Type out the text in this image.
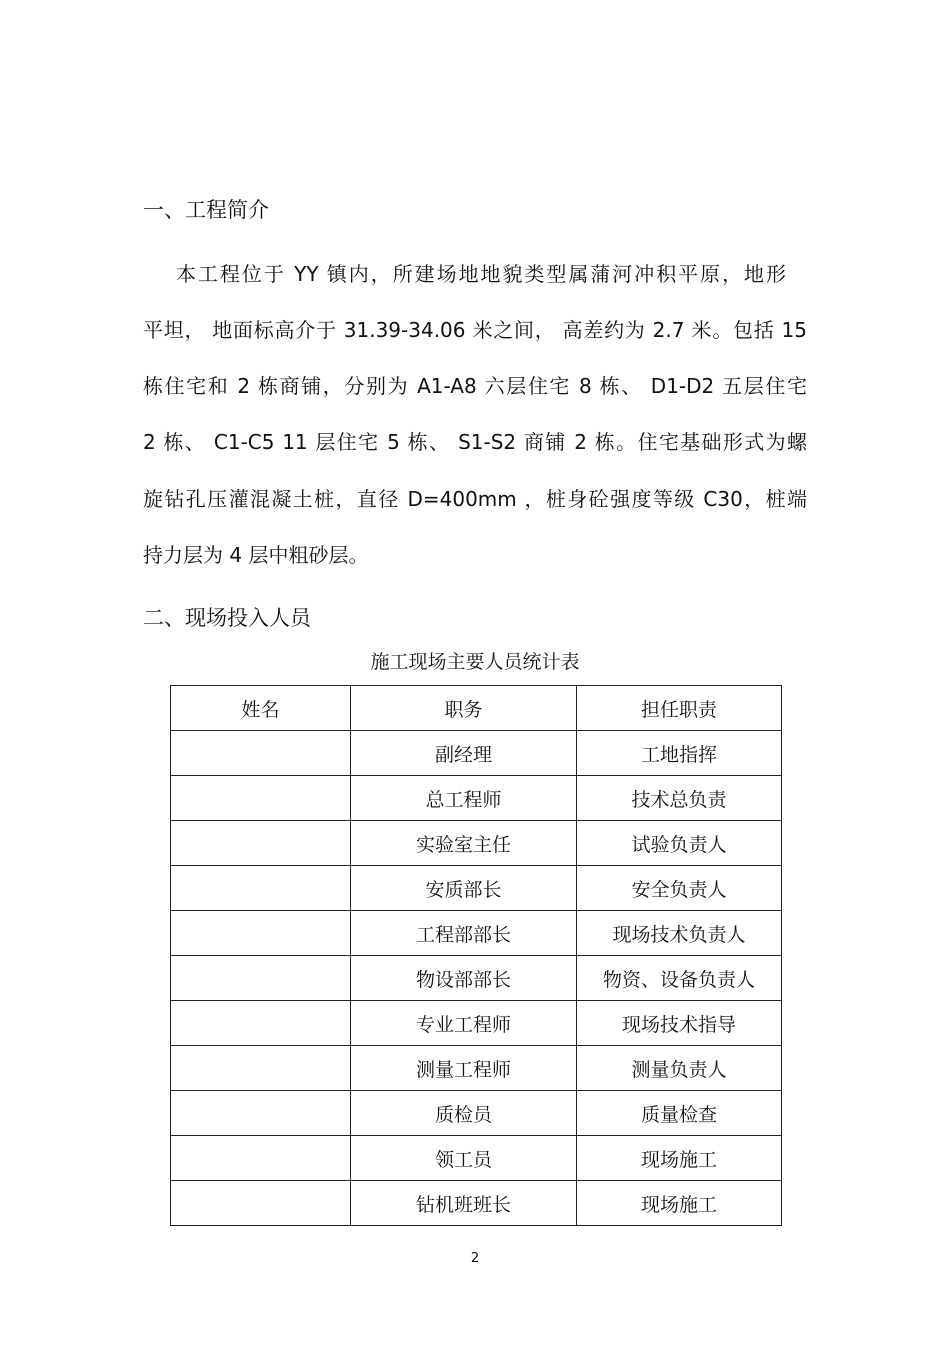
一、工程简介
本工程位于 YY 镇内，所建场地地貌类型属蒲河冲积平原，地形
平坦， 地面标高介于 31.39-34.06 米之间， 高差约为 2.7 米。包括 15
栋住宅和 2 栋商铺，分别为 A1-A8 六层住宅 8 栋、 D1-D2 五层住宅
2 栋、 C1-C5 11 层住宅 5 栋、 S1-S2 商铺 2 栋。住宅基础形式为螺
旋钻孔压灌混凝土桩，直径 D=400mm ，桩身砼强度等级 C30，桩端
持力层为 4 层中粗砂层。
二、现场投入人员
施工现场主要人员统计表
姓名	职务	担任职责
	副经理	工地指挥
	总工程师	技术总负责
	实验室主任	试验负责人
	安质部长	安全负责人
	工程部部长	现场技术负责人
	物设部部长	物资、设备负责人
	专业工程师	现场技术指导
	测量工程师	测量负责人
	质检员	质量检查
	领工员	现场施工
	钻机班班长	现场施工
2
